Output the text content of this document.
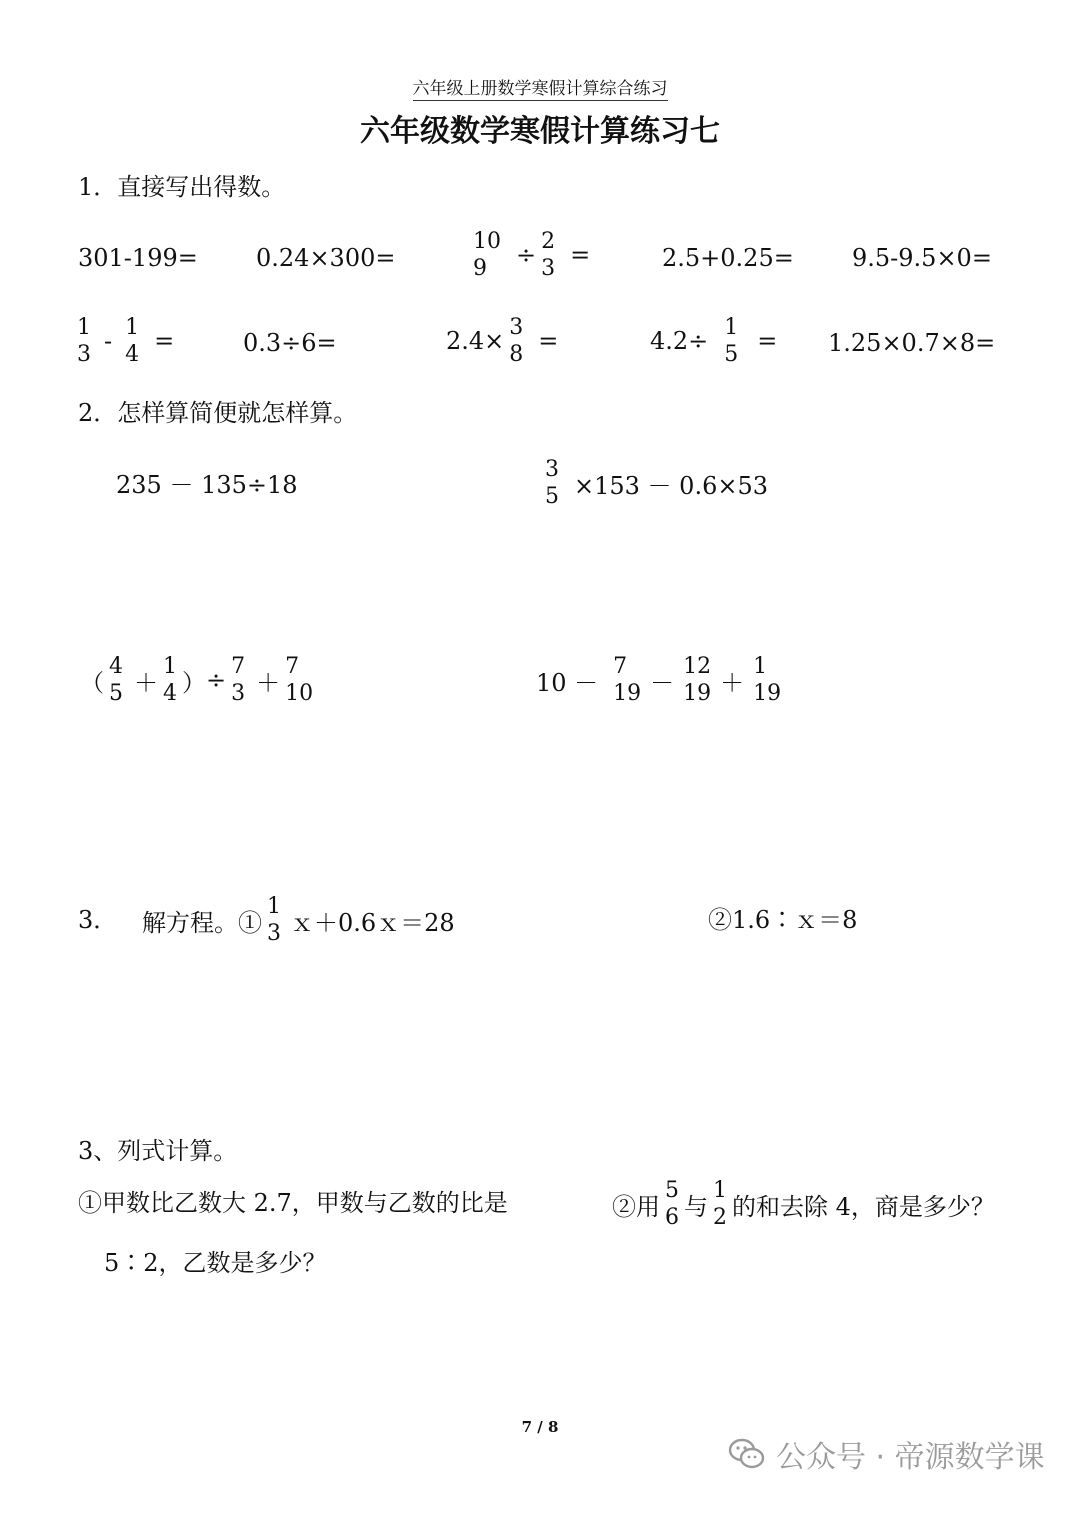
六年级上册数学寒假计算综合练习
六年级数学寒假计算练习七
1．直接写出得数。
301-199= 0.24×300=
10
9	÷ 2
3 =	2.5+0.25= 9.5-9.5×0=
1
3 - 1
4 =	0.3÷6=	2.4× 3
8 =	4.2÷ 1
5 = 1.25×0.7×8=
2．怎样算简便就怎样算。
235 － 135÷18
3
5 ×153 － 0.6×53
（
4
5 ＋
1
4 ） ÷ 7
3 ＋
7
10	10 －
7
19 －
12
19 ＋
1
19
3． 解方程。①
1
3 ｘ＋0.6ｘ＝28	②1.6∶ｘ＝8
3、列式计算。
①甲数比乙数大 2.7，甲数与乙数的比是
5∶2，乙数是多少？
②用
5
6 与
1
2 的和去除 4，商是多少？
7 / 8
公众号 · 帝源数学课
